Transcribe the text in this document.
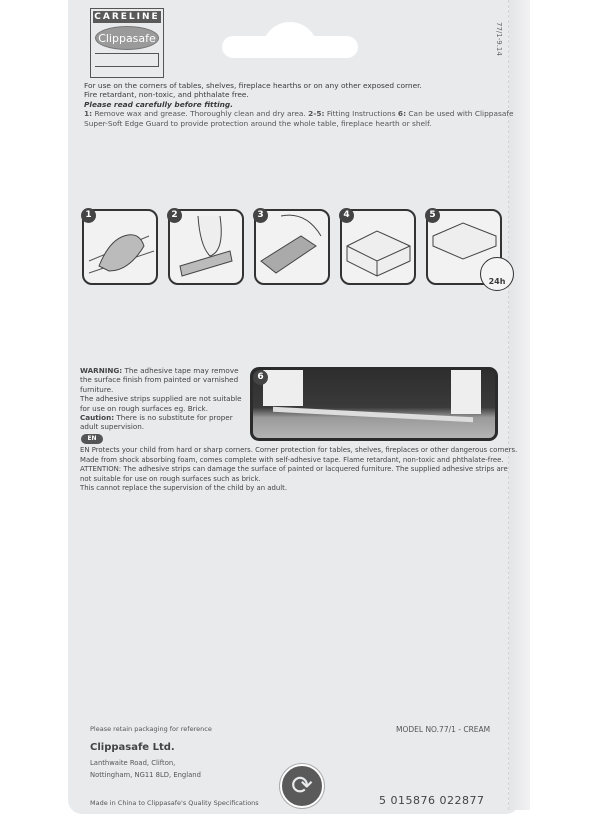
77/1-9.14
CARELINE
Clippasafe
For use on the corners of tables, shelves, fireplace hearths or on any other exposed corner.
Fire retardant, non-toxic, and phthalate free.
Please read carefully before fitting.
1: Remove wax and grease. Thoroughly clean and dry area. 2-5: Fitting Instructions 6: Can be used with Clippasafe Super-Soft Edge Guard to provide protection around the whole table, fireplace hearth or shelf.
1	2	3	4	5
24h
WARNING: The adhesive tape may remove the surface finish from painted or varnished furniture.
The adhesive strips supplied are not suitable for use on rough surfaces eg. Brick.
Caution: There is no substitute for proper adult supervision.
EN
6
EN Protects your child from hard or sharp corners. Corner protection for tables, shelves, fireplaces or other dangerous corners.
Made from shock absorbing foam, comes complete with self-adhesive tape. Flame retardant, non-toxic and phthalate-free.
ATTENTION: The adhesive strips can damage the surface of painted or lacquered furniture. The supplied adhesive strips are not suitable for use on rough surfaces such as brick.
This cannot replace the supervision of the child by an adult.
Please retain packaging for reference	MODEL NO.77/1 - CREAM
Clippasafe Ltd.
Lanthwaite Road, Clifton,
Nottingham, NG11 8LD, England
Made in China to Clippasafe's Quality Specifications
⟳	5 015876 022877
